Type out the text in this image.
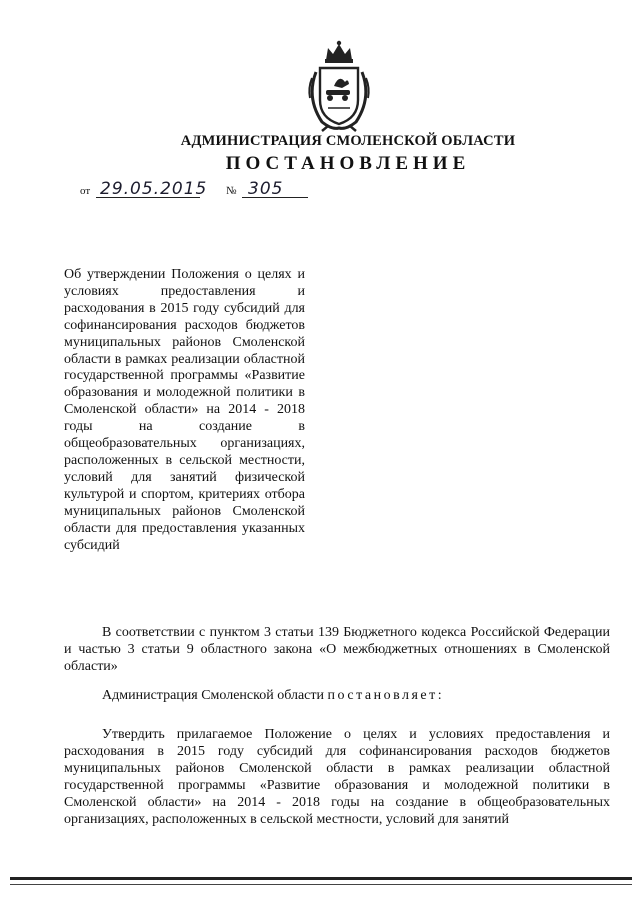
АДМИНИСТРАЦИЯ СМОЛЕНСКОЙ ОБЛАСТИ
ПОСТАНОВЛЕНИЕ
от 29.05.2015 № 305
Об утверждении Положения о целях и условиях предоставления и расходования в 2015 году субсидий для софинансирования расходов бюджетов муниципальных районов Смоленской области в рамках реализации областной государственной программы «Развитие образования и молодежной политики в Смоленской области» на 2014 - 2018 годы на создание в общеобразовательных организациях, расположенных в сельской местности, условий для занятий физической культурой и спортом, критериях отбора муниципальных районов Смоленской области для предоставления указанных субсидий

В соответствии с пунктом 3 статьи 139 Бюджетного кодекса Российской Федерации и частью 3 статьи 9 областного закона «О межбюджетных отношениях в Смоленской области»

Администрация Смоленской области постановляет:

Утвердить прилагаемое Положение о целях и условиях предоставления и расходования в 2015 году субсидий для софинансирования расходов бюджетов муниципальных районов Смоленской области в рамках реализации областной государственной программы «Развитие образования и молодежной политики в Смоленской области» на 2014 - 2018 годы на создание в общеобразовательных организациях, расположенных в сельской местности, условий для занятий
